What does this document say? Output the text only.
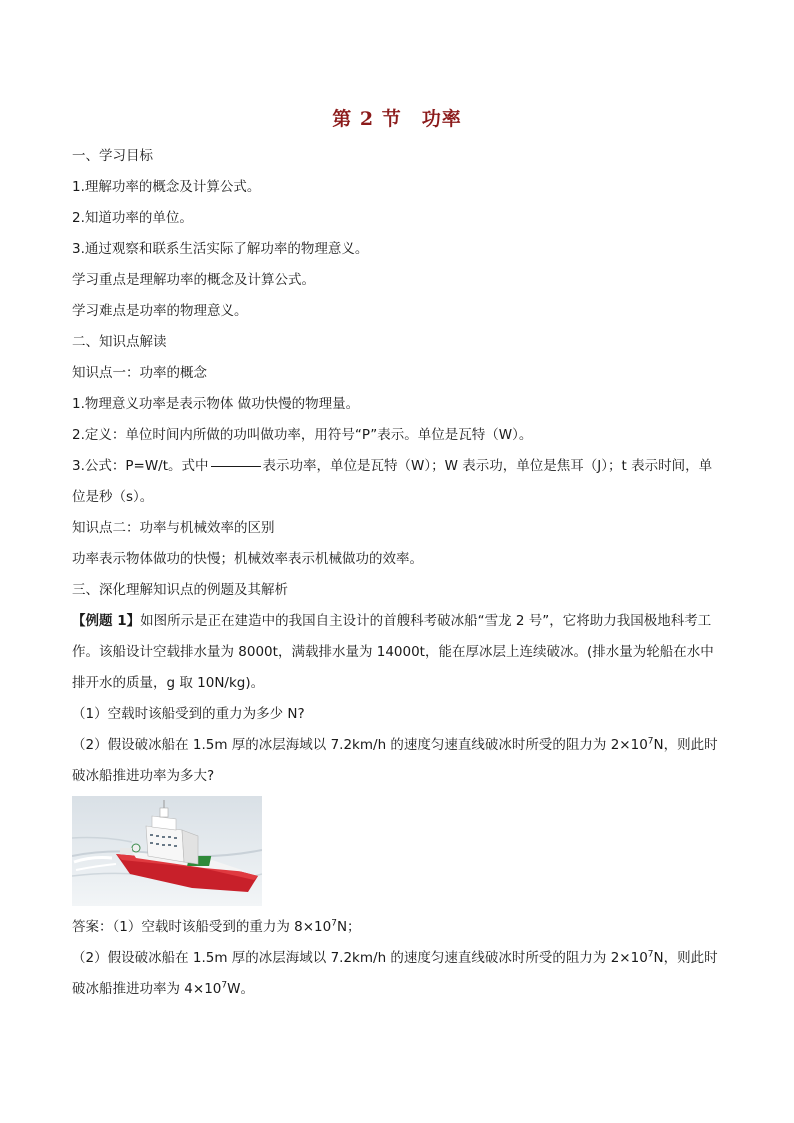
第 2 节　功率

一、学习目标

1.理解功率的概念及计算公式。

2.知道功率的单位。

3.通过观察和联系生活实际了解功率的物理意义。

学习重点是理解功率的概念及计算公式。

学习难点是功率的物理意义。

二、知识点解读

知识点一：功率的概念

1.物理意义功率是表示物体 做功快慢的物理量。

2.定义：单位时间内所做的功叫做功率，用符号“P”表示。单位是瓦特（W）。

3.公式：P=W/t。式中	表示功率，单位是瓦特（W）；W 表示功，单位是焦耳（J）；t 表示时间，单位是秒（s）。

知识点二：功率与机械效率的区别

功率表示物体做功的快慢；机械效率表示机械做功的效率。

三、深化理解知识点的例题及其解析

【例题 1】如图所示是正在建造中的我国自主设计的首艘科考破冰船“雪龙 2 号”，它将助力我国极地科考工作。该船设计空载排水量为 8000t，满载排水量为 14000t，能在厚冰层上连续破冰。(排水量为轮船在水中排开水的质量，g 取 10N/kg)。

（1）空载时该船受到的重力为多少 N?

（2）假设破冰船在 1.5m 厚的冰层海域以 7.2km/h 的速度匀速直线破冰时所受的阻力为 $2\times 10^7N$，则此时破冰船推进功率为多大?

答案：（1）空载时该船受到的重力为 $8\times 10^7N$；

（2）假设破冰船在 1.5m 厚的冰层海域以 7.2km/h 的速度匀速直线破冰时所受的阻力为 $2\times 10^7N$，则此时破冰船推进功率为 $4\times 10^7W$。
